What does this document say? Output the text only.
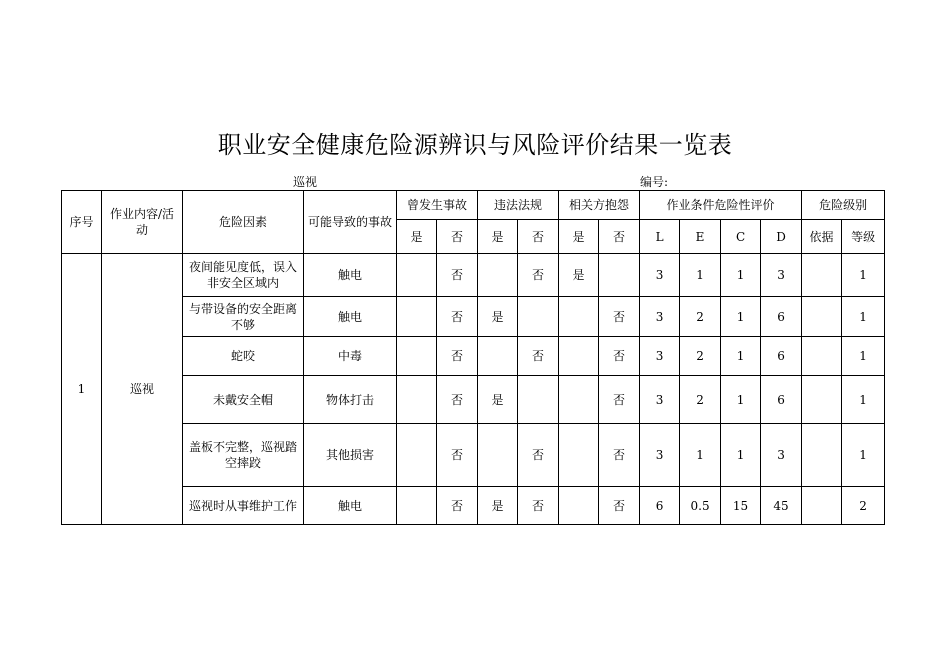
职业安全健康危险源辨识与风险评价结果一览表
巡视	编号:
序号	作业内容/活动	危险因素	可能导致的事故	曾发生事故		违法法规		相关方抱怨		作业条件危险性评价				危险级别	
				是	否	是	否	是	否	L	E	C	D	依据	等级
1	巡视	夜间能见度低，误入非安全区域内	触电		否		否	是		3	1	1	3		1
		与带设备的安全距离不够	触电		否	是			否	3	2	1	6		1
		蛇咬	中毒		否		否		否	3	2	1	6		1
		未戴安全帽	物体打击		否	是			否	3	2	1	6		1
		盖板不完整，巡视踏空摔跤	其他损害		否		否		否	3	1	1	3		1
		巡视时从事维护工作	触电		否	是	否		否	6	0.5	15	45		2
